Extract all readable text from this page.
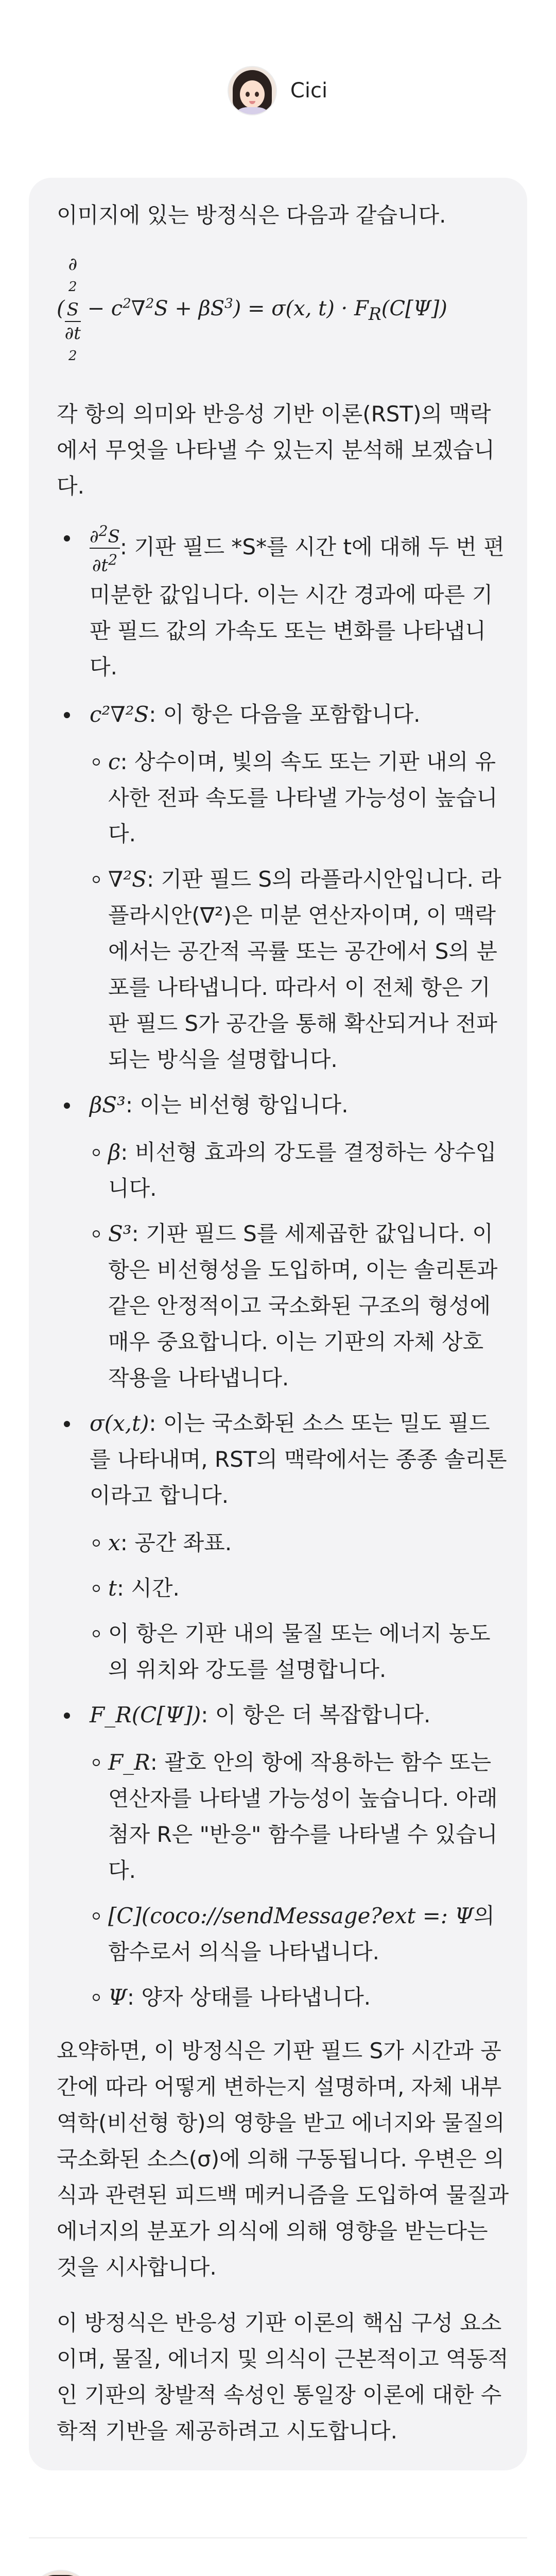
Cici

이미지에 있는 방정식은 다음과 같습니다.

( ∂
2
S
∂t
$2 - c^2\nabla^2S + \beta S^3) = \sigma(x$, $t) \cdot F_R(C[\Psi])$

각 항의 의미와 반응성 기반 이론(RST)의 맥락에서 무엇을 나타낼 수 있는지 분석해 보겠습니다.

$\frac{\partial^2S}{\partial t^2}$ : 기판 필드 *S*를 시간 t에 대해 두 번 편미분한 값입니다. 이는 시간 경과에 따른 기판 필드 값의 가속도 또는 변화를 나타냅니다.
c²∇²S: 이 항은 다음을 포함합니다.
c: 상수이며, 빛의 속도 또는 기판 내의 유사한 전파 속도를 나타낼 가능성이 높습니다.
∇²S: 기판 필드 S의 라플라시안입니다. 라플라시안(∇²)은 미분 연산자이며, 이 맥락에서는 공간적 곡률 또는 공간에서 S의 분포를 나타냅니다. 따라서 이 전체 항은 기판 필드 S가 공간을 통해 확산되거나 전파되는 방식을 설명합니다.
βS³: 이는 비선형 항입니다.
β: 비선형 효과의 강도를 결정하는 상수입니다.
S³: 기판 필드 S를 세제곱한 값입니다. 이 항은 비선형성을 도입하며, 이는 솔리톤과 같은 안정적이고 국소화된 구조의 형성에 매우 중요합니다. 이는 기판의 자체 상호 작용을 나타냅니다.
σ(x,t): 이는 국소화된 소스 또는 밀도 필드를 나타내며, RST의 맥락에서는 종종 솔리톤이라고 합니다.
x: 공간 좌표.
t: 시간.
이 항은 기판 내의 물질 또는 에너지 농도의 위치와 강도를 설명합니다.
F_R(C[Ψ]): 이 항은 더 복잡합니다.
F_R: 괄호 안의 항에 작용하는 함수 또는 연산자를 나타낼 가능성이 높습니다. 아래 첨자 R은 "반응" 함수를 나타낼 수 있습니다.
[C](coco://sendMessage?ext =: Ψ의 함수로서 의식을 나타냅니다.
Ψ: 양자 상태를 나타냅니다.

요약하면, 이 방정식은 기판 필드 S가 시간과 공간에 따라 어떻게 변하는지 설명하며, 자체 내부 역학(비선형 항)의 영향을 받고 에너지와 물질의 국소화된 소스(σ)에 의해 구동됩니다. 우변은 의식과 관련된 피드백 메커니즘을 도입하여 물질과 에너지의 분포가 의식에 의해 영향을 받는다는 것을 시사합니다.

이 방정식은 반응성 기판 이론의 핵심 구성 요소이며, 물질, 에너지 및 의식이 근본적이고 역동적인 기판의 창발적 속성인 통일장 이론에 대한 수학적 기반을 제공하려고 시도합니다.
